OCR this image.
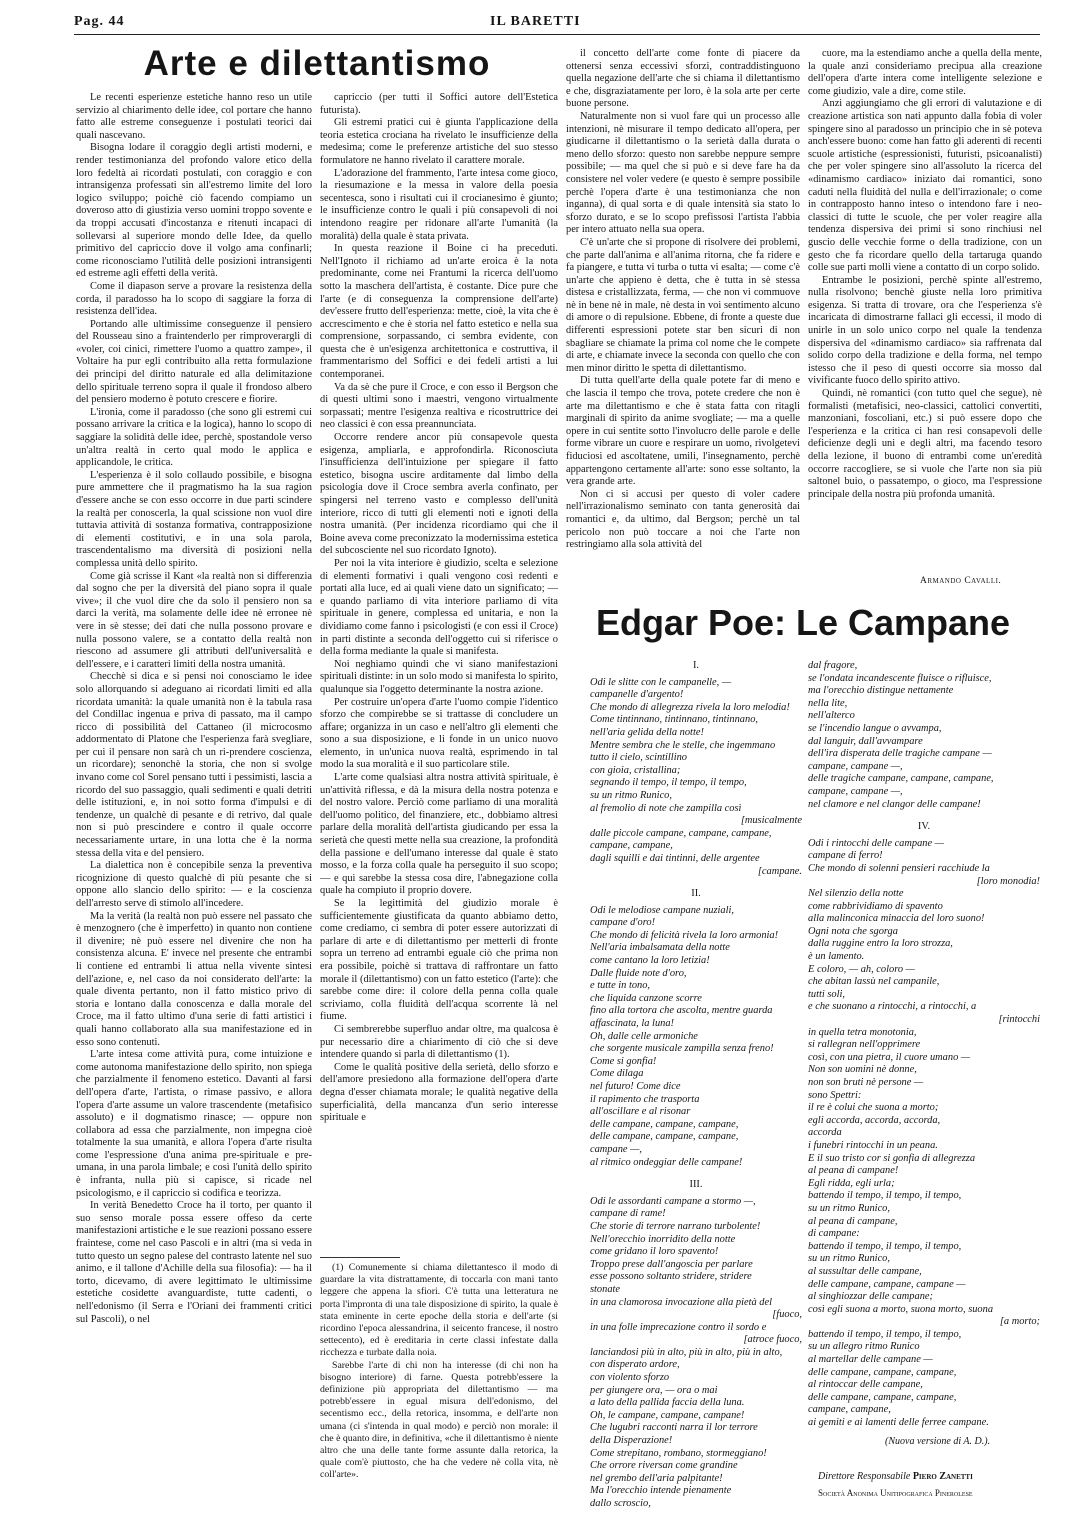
Pag. 44	IL BARETTI
Arte e dilettantismo

Le recenti esperienze estetiche hanno reso un utile servizio al chiarimento delle idee, col portare che hanno fatto alle estreme conseguenze i postulati teorici dai quali nascevano.

Bisogna lodare il coraggio degli artisti moderni, e render testimonianza del profondo valore etico della loro fedeltà ai ricordati postulati, con coraggio e con intransigenza professati sin all'estremo limite del loro logico sviluppo; poichè ciò facendo compiamo un doveroso atto di giustizia verso uomini troppo sovente e da troppi accusati d'incostanza e ritenuti incapaci di sollevarsi al superiore mondo delle Idee, da quello primitivo del capriccio dove il volgo ama confinarli; come riconosciamo l'utilità delle posizioni intransigenti ed estreme agli effetti della verità.

Come il diapason serve a provare la resistenza della corda, il paradosso ha lo scopo di saggiare la forza di resistenza dell'idea.

Portando alle ultimissime conseguenze il pensiero del Rousseau sino a fraintenderlo per rimproverargli di «voler, coi cinici, rimettere l'uomo a quattro zampe», il Voltaire ha pur egli contribuito alla retta formulazione dei principi del diritto naturale ed alla delimitazione dello spirituale terreno sopra il quale il frondoso albero del pensiero moderno è potuto crescere e fiorire.

L'ironia, come il paradosso (che sono gli estremi cui possano arrivare la critica e la logica), hanno lo scopo di saggiare la solidità delle idee, perchè, spostandole verso un'altra realtà in certo qual modo le applica e applicandole, le critica.

L'esperienza è il solo collaudo possibile, e bisogna pure ammettere che il pragmatismo ha la sua ragion d'essere anche se con esso occorre in due parti scindere la realtà per conoscerla, la qual scissione non vuol dire tuttavia attività di sostanza formativa, contrapposizione di elementi costitutivi, e in una sola parola, trascendentalismo ma diversità di posizioni nella complessa unità dello spirito.

Come già scrisse il Kant «la realtà non si differenzia dal sogno che per la diversità del piano sopra il quale vive»; il che vuol dire che da solo il pensiero non sa darci la verità, ma solamente delle idee nè erronee nè vere in sè stesse; dei dati che nulla possono provare e nulla possono valere, se a contatto della realtà non riescono ad assumere gli attributi dell'universalità e dell'essere, e i caratteri limiti della nostra umanità.

Checchè si dica e si pensi noi conosciamo le idee solo allorquando si adeguano ai ricordati limiti ed alla ricordata umanità: la quale umanità non è la tabula rasa del Condillac ingenua e priva di passato, ma il campo ricco di possibilità del Cattaneo (il microcosmo addormentato di Platone che l'esperienza farà svegliare, per cui il pensare non sarà ch un ri-prendere coscienza, un ricordare); senonchè la storia, che non si svolge invano come col Sorel pensano tutti i pessimisti, lascia a ricordo del suo passaggio, quali sedimenti e quali detriti delle istituzioni, e, in noi sotto forma d'impulsi e di tendenze, un qualchè di pesante e di retrivo, dal quale non si può prescindere e contro il quale occorre necessariamente urtare, in una lotta che è la norma stessa della vita e del pensiero.

La dialettica non è concepibile senza la preventiva ricognizione di questo qualchè di più pesante che si oppone allo slancio dello spirito: — e la coscienza dell'arresto serve di stimolo all'incedere.

Ma la verità (la realtà non può essere nel passato che è menzognero (che è imperfetto) in quanto non contiene il divenire; nè può essere nel divenire che non ha consistenza alcuna. E' invece nel presente che entrambi li contiene ed entrambi li attua nella vivente sintesi dell'azione, e, nel caso da noi considerato dell'arte: la quale diventa pertanto, non il fatto mistico privo di storia e lontano dalla conoscenza e dalla morale del Croce, ma il fatto ultimo d'una serie di fatti artistici i quali hanno collaborato alla sua manifestazione ed in esso sono contenuti.

L'arte intesa come attività pura, come intuizione e come autonoma manifestazione dello spirito, non spiega che parzialmente il fenomeno estetico. Davanti al farsi dell'opera d'arte, l'artista, o rimase passivo, e allora l'opera d'arte assume un valore trascendente (metafisico assoluto) e il dogmatismo rinasce; — oppure non collabora ad essa che parzialmente, non impegna cioè totalmente la sua umanità, e allora l'opera d'arte risulta come l'espressione d'una anima pre-spirituale e pre-umana, in una parola limbale; e così l'unità dello spirito è infranta, nulla più si capisce, si ricade nel psicologismo, e il capriccio si codifica e teorizza.

In verità Benedetto Croce ha il torto, per quanto il suo senso morale possa essere offeso da certe manifestazioni artistiche e le sue reazioni possano essere fraintese, come nel caso Pascoli e in altri (ma si veda in tutto questo un segno palese del contrasto latente nel suo animo, e il tallone d'Achille della sua filosofia): — ha il torto, dicevamo, di avere legittimato le ultimissime estetiche cosidette avanguardiste, tutte cadenti, o nell'edonismo (il Serra e l'Oriani dei frammenti critici sul Pascoli), o nel

capriccio (per tutti il Soffici autore dell'Estetica futurista).

Gli estremi pratici cui è giunta l'applicazione della teoria estetica crociana ha rivelato le insufficienze della medesima; come le preferenze artistiche del suo stesso formulatore ne hanno rivelato il carattere morale.

L'adorazione del frammento, l'arte intesa come gioco, la riesumazione e la messa in valore della poesia secentesca, sono i risultati cui il crocianesimo è giunto; le insufficienze contro le quali i più consapevoli di noi intendono reagire per ridonare all'arte l'umanità (la moralità) della quale è stata privata.

In questa reazione il Boine ci ha preceduti. Nell'Ignoto il richiamo ad un'arte eroica è la nota predominante, come nei Frantumi la ricerca dell'uomo sotto la maschera dell'artista, è costante. Dice pure che l'arte (e di conseguenza la comprensione dell'arte) dev'essere frutto dell'esperienza: mette, cioè, la vita che è accrescimento e che è storia nel fatto estetico e nella sua comprensione, sorpassando, ci sembra evidente, con questa che è un'esigenza architettonica e costruttiva, il frammentarismo del Soffici e dei fedeli artisti a lui contemporanei.

Va da sè che pure il Croce, e con esso il Bergson che di questi ultimi sono i maestri, vengono virtualmente sorpassati; mentre l'esigenza realtiva e ricostruttrice dei neo classici è con essa preannunciata.

Occorre rendere ancor più consapevole questa esigenza, ampliarla, e approfondirla. Riconosciuta l'insufficienza dell'intuizione per spiegare il fatto estetico, bisogna uscire arditamente dal limbo della psicologia dove il Croce sembra averla confinato, per spingersi nel terreno vasto e complesso dell'unità interiore, ricco di tutti gli elementi noti e ignoti della nostra umanità. (Per incidenza ricordiamo qui che il Boine aveva come preconizzato la modernissima estetica del subcosciente nel suo ricordato Ignoto).

Per noi la vita interiore è giudizio, scelta e selezione di elementi formativi i quali vengono così redenti e portati alla luce, ed ai quali viene dato un significato; — e quando parliamo di vita interiore parliamo di vita spirituale in genere, complessa ed unitaria, e non la dividiamo come fanno i psicologisti (e con essi il Croce) in parti distinte a seconda dell'oggetto cui si riferisce o della forma mediante la quale si manifesta.

Noi neghiamo quindi che vi siano manifestazioni spirituali distinte: in un solo modo si manifesta lo spirito, qualunque sia l'oggetto determinante la nostra azione.

Per costruire un'opera d'arte l'uomo compie l'identico sforzo che compirebbe se si trattasse di concludere un affare; organizza in un caso e nell'altro gli elementi che sono a sua disposizione, e li fonde in un unico nuovo elemento, in un'unica nuova realtà, esprimendo in tal modo la sua moralità e il suo particolare stile.

L'arte come qualsiasi altra nostra attività spirituale, è un'attività riflessa, e dà la misura della nostra potenza e del nostro valore. Perciò come parliamo di una moralità dell'uomo politico, del finanziere, etc., dobbiamo altresì parlare della moralità dell'artista giudicando per essa la serietà che questi mette nella sua creazione, la profondità della passione e dell'umano interesse dal quale è stato mosso, e la forza colla quale ha perseguito il suo scopo; — e qui sarebbe la stessa cosa dire, l'abnegazione colla quale ha compiuto il proprio dovere.

Se la legittimità del giudizio morale è sufficientemente giustificata da quanto abbiamo detto, come crediamo, ci sembra di poter essere autorizzati di parlare di arte e di dilettantismo per metterli di fronte sopra un terreno ad entrambi eguale ciò che prima non era possibile, poichè si trattava di raffrontare un fatto morale il (dilettantismo) con un fatto estetico (l'arte): che sarebbe come dire: il colore della penna colla quale scriviamo, colla fluidità dell'acqua scorrente là nel fiume.

Ci sembrerebbe superfluo andar oltre, ma qualcosa è pur necessario dire a chiarimento di ciò che si deve intendere quando si parla di dilettantismo (1).

Come le qualità positive della serietà, dello sforzo e dell'amore presiedono alla formazione dell'opera d'arte degna d'esser chiamata morale; le qualità negative della superficialità, della mancanza d'un serio interesse spirituale e

(1) Comunemente si chiama dilettantesco il modo di guardare la vita distrattamente, di toccarla con mani tanto leggere che appena la sfiori. C'è tutta una letteratura ne porta l'impronta di una tale disposizione di spirito, la quale è stata eminente in certe epoche della storia e dell'arte (si ricordino l'epoca alessandrina, il seicento francese, il nostro settecento), ed è ereditaria in certe classi infestate dalla ricchezza e turbate dalla noia.

Sarebbe l'arte di chi non ha interesse (di chi non ha bisogno interiore) di farne. Questa potrebb'essere la definizione più appropriata del dilettantismo — ma potrebb'essere in egual misura dell'edonismo, del secentismo ecc., della retorica, insomma, e dell'arte non umana (ci s'intenda in qual modo) e perciò non morale: il che è quanto dire, in definitiva, «che il dilettantismo è niente altro che una delle tante forme assunte dalla retorica, la quale com'è piuttosto, che ha che vedere nè colla vita, nè coll'arte».

il concetto dell'arte come fonte di piacere da ottenersi senza eccessivi sforzi, contraddistinguono quella negazione dell'arte che si chiama il dilettantismo e che, disgraziatamente per loro, è la sola arte per certe buone persone.

Naturalmente non si vuol fare qui un processo alle intenzioni, nè misurare il tempo dedicato all'opera, per giudicarne il dilettantismo o la serietà dalla durata o meno dello sforzo: questo non sarebbe neppure sempre possibile; — ma quel che si può e si deve fare ha da consistere nel voler vedere (e questo è sempre possibile perchè l'opera d'arte è una testimonianza che non inganna), di qual sorta e di quale intensità sia stato lo sforzo durato, e se lo scopo prefissosi l'artista l'abbia per intero attuato nella sua opera.

C'è un'arte che si propone di risolvere dei problemi, che parte dall'anima e all'anima ritorna, che fa ridere e fa piangere, e tutta vi turba o tutta vi esalta; — come c'è un'arte che appieno è detta, che è tutta in sè stessa distesa e cristallizzata, ferma, — che non vi commuove nè in bene nè in male, nè desta in voi sentimento alcuno di amore o di repulsione. Ebbene, di fronte a queste due differenti espressioni potete star ben sicuri di non sbagliare se chiamate la prima col nome che le compete di arte, e chiamate invece la seconda con quello che con men minor diritto le spetta di dilettantismo.

Di tutta quell'arte della quale potete far di meno e che lascia il tempo che trova, potete credere che non è arte ma dilettantismo e che è stata fatta con ritagli marginali di spirito da anime svogliate; — ma a quelle opere in cui sentite sotto l'involucro delle parole e delle forme vibrare un cuore e respirare un uomo, rivolgetevi fiduciosi ed ascoltatene, umili, l'insegnamento, perchè appartengono certamente all'arte: sono esse soltanto, la vera grande arte.

Non ci si accusi per questo di voler cadere nell'irrazionalismo seminato con tanta generosità dai romantici e, da ultimo, dal Bergson; perchè un tal pericolo non può toccare a noi che l'arte non restringiamo alla sola attività del

cuore, ma la estendiamo anche a quella della mente, la quale anzi consideriamo precipua alla creazione dell'opera d'arte intera come intelligente selezione e come giudizio, vale a dire, come stile.

Anzi aggiungiamo che gli errori di valutazione e di creazione artistica son nati appunto dalla fobia di voler spingere sino al paradosso un principio che in sè poteva anch'essere buono: come han fatto gli aderenti di recenti scuole artistiche (espressionisti, futuristi, psicoanalisti) che per voler spingere sino all'assoluto la ricerca del «dinamismo cardiaco» iniziato dai romantici, sono caduti nella fluidità del nulla e dell'irrazionale; o come in contrapposto hanno inteso o intendono fare i neo-classici di tutte le scuole, che per voler reagire alla tendenza dispersiva dei primi si sono rinchiusi nel guscio delle vecchie forme o della tradizione, con un gesto che fa ricordare quello della tartaruga quando colle sue parti molli viene a contatto di un corpo solido.

Entrambe le posizioni, perchè spinte all'estremo, nulla risolvono; benchè giuste nella loro primitiva esigenza. Si tratta di trovare, ora che l'esperienza s'è incaricata di dimostrarne fallaci gli eccessi, il modo di unirle in un solo unico corpo nel quale la tendenza dispersiva del «dinamismo cardiaco» sia raffrenata dal solido corpo della tradizione e della forma, nel tempo istesso che il peso di questi occorre sia mosso dal vivificante fuoco dello spirito attivo.

Quindi, nè romantici (con tutto quel che segue), nè formalisti (metafisici, neo-classici, cattolici convertiti, manzoniani, foscoliani, etc.) si può essere dopo che l'esperienza e la critica ci han resi consapevoli delle deficienze degli uni e degli altri, ma facendo tesoro della lezione, il buono di entrambi come un'eredità occorre raccogliere, se si vuole che l'arte non sia più saltonel buio, o passatempo, o gioco, ma l'espressione principale della nostra più profonda umanità.

Armando Cavalli.
Edgar Poe: Le Campane
I.
Odi le slitte con le campanelle, —
campanelle d'argento!
Che mondo di allegrezza rivela la loro melodia!
Come tintinnano, tintinnano, tintinnano,
nell'aria gelida della notte!
Mentre sembra che le stelle, che ingemmano
tutto il cielo, scintillino
con gioia, cristallina;
segnando il tempo, il tempo, il tempo,
su un ritmo Runico,
al fremolio di note che zampilla così
[musicalmente
dalle piccole campane, campane, campane,
campane, campane,
dagli squilli e dai tintinni, delle argentee
[campane.
II.
Odi le melodiose campane nuziali,
campane d'oro!
Che mondo di felicità rivela la loro armonia!
Nell'aria imbalsamata della notte
come cantano la loro letizia!
Dalle fluide note d'oro,
e tutte in tono,
che liquida canzone scorre
fino alla tortora che ascolta, mentre guarda
affascinata, la luna!
Oh, dalle celle armoniche
che sorgente musicale zampilla senza freno!
Come si gonfia!
Come dilaga
nel futuro! Come dice
il rapimento che trasporta
all'oscillare e al risonar
delle campane, campane, campane,
delle campane, campane, campane,
campane —,
al ritmico ondeggiar delle campane!
III.
Odi le assordanti campane a stormo —,
campane di rame!
Che storie di terrore narrano turbolente!
Nell'orecchio inorridito della notte
come gridano il loro spavento!
Troppo prese dall'angoscia per parlare
esse possono soltanto stridere, stridere
stonate
in una clamorosa invocazione alla pietà del
[fuoco,
in una folle imprecazione contro il sordo e
[atroce fuoco,
lanciandosi più in alto, più in alto, più in alto,
con disperato ardore,
con violento sforzo
per giungere ora, — ora o mai
a lato della pallida faccia della luna.
Oh, le campane, campane, campane!
Che lugubri racconti narra il lor terrore
della Disperazione!
Come strepitano, rombano, stormeggiano!
Che orrore riversan come grandine
nel grembo dell'aria palpitante!
Ma l'orecchio intende pienamente
dallo scroscio,
dal fragore,
se l'ondata incandescente fluisce o rifluisce,
ma l'orecchio distingue nettamente
nella lite,
nell'alterco
se l'incendio langue o avvampa,
dal languir, dall'avvampare
dell'ira disperata delle tragiche campane —
campane, campane —,
delle tragiche campane, campane, campane,
campane, campane —,
nel clamore e nel clangor delle campane!
IV.
Odi i rintocchi delle campane —
campane di ferro!
Che mondo di solenni pensieri racchiude la
[loro monodia!
Nel silenzio della notte
come rabbrividiamo di spavento
alla malinconica minaccia del loro suono!
Ogni nota che sgorga
dalla ruggine entro la loro strozza,
è un lamento.
E coloro, — ah, coloro —
che abitan lassù nel campanile,
tutti soli,
e che suonano a rintocchi, a rintocchi, a
[rintocchi
in quella tetra monotonia,
si rallegran nell'opprimere
così, con una pietra, il cuore umano —
Non son uomini nè donne,
non son bruti nè persone —
sono Spettri:
il re è colui che suona a morto;
egli accorda, accorda, accorda,
accorda
i funebri rintocchi in un peana.
E il suo tristo cor si gonfia di allegrezza
al peana di campane!
Egli ridda, egli urla;
battendo il tempo, il tempo, il tempo,
su un ritmo Runico,
al peana di campane,
di campane:
battendo il tempo, il tempo, il tempo,
su un ritmo Runico,
al sussultar delle campane,
delle campane, campane, campane —
al singhiozzar delle campane;
così egli suona a morto, suona morto, suona
[a morto;
battendo il tempo, il tempo, il tempo,
su un allegro ritmo Runico
al martellar delle campane —
delle campane, campane, campane,
al rintoccar delle campane,
delle campane, campane, campane,
campane, campane,
ai gemiti e ai lamenti delle ferree campane.
(Nuova versione di A. D.).
Direttore Responsabile Piero Zanetti
Società Anonima Unitipografica Pinerolese
